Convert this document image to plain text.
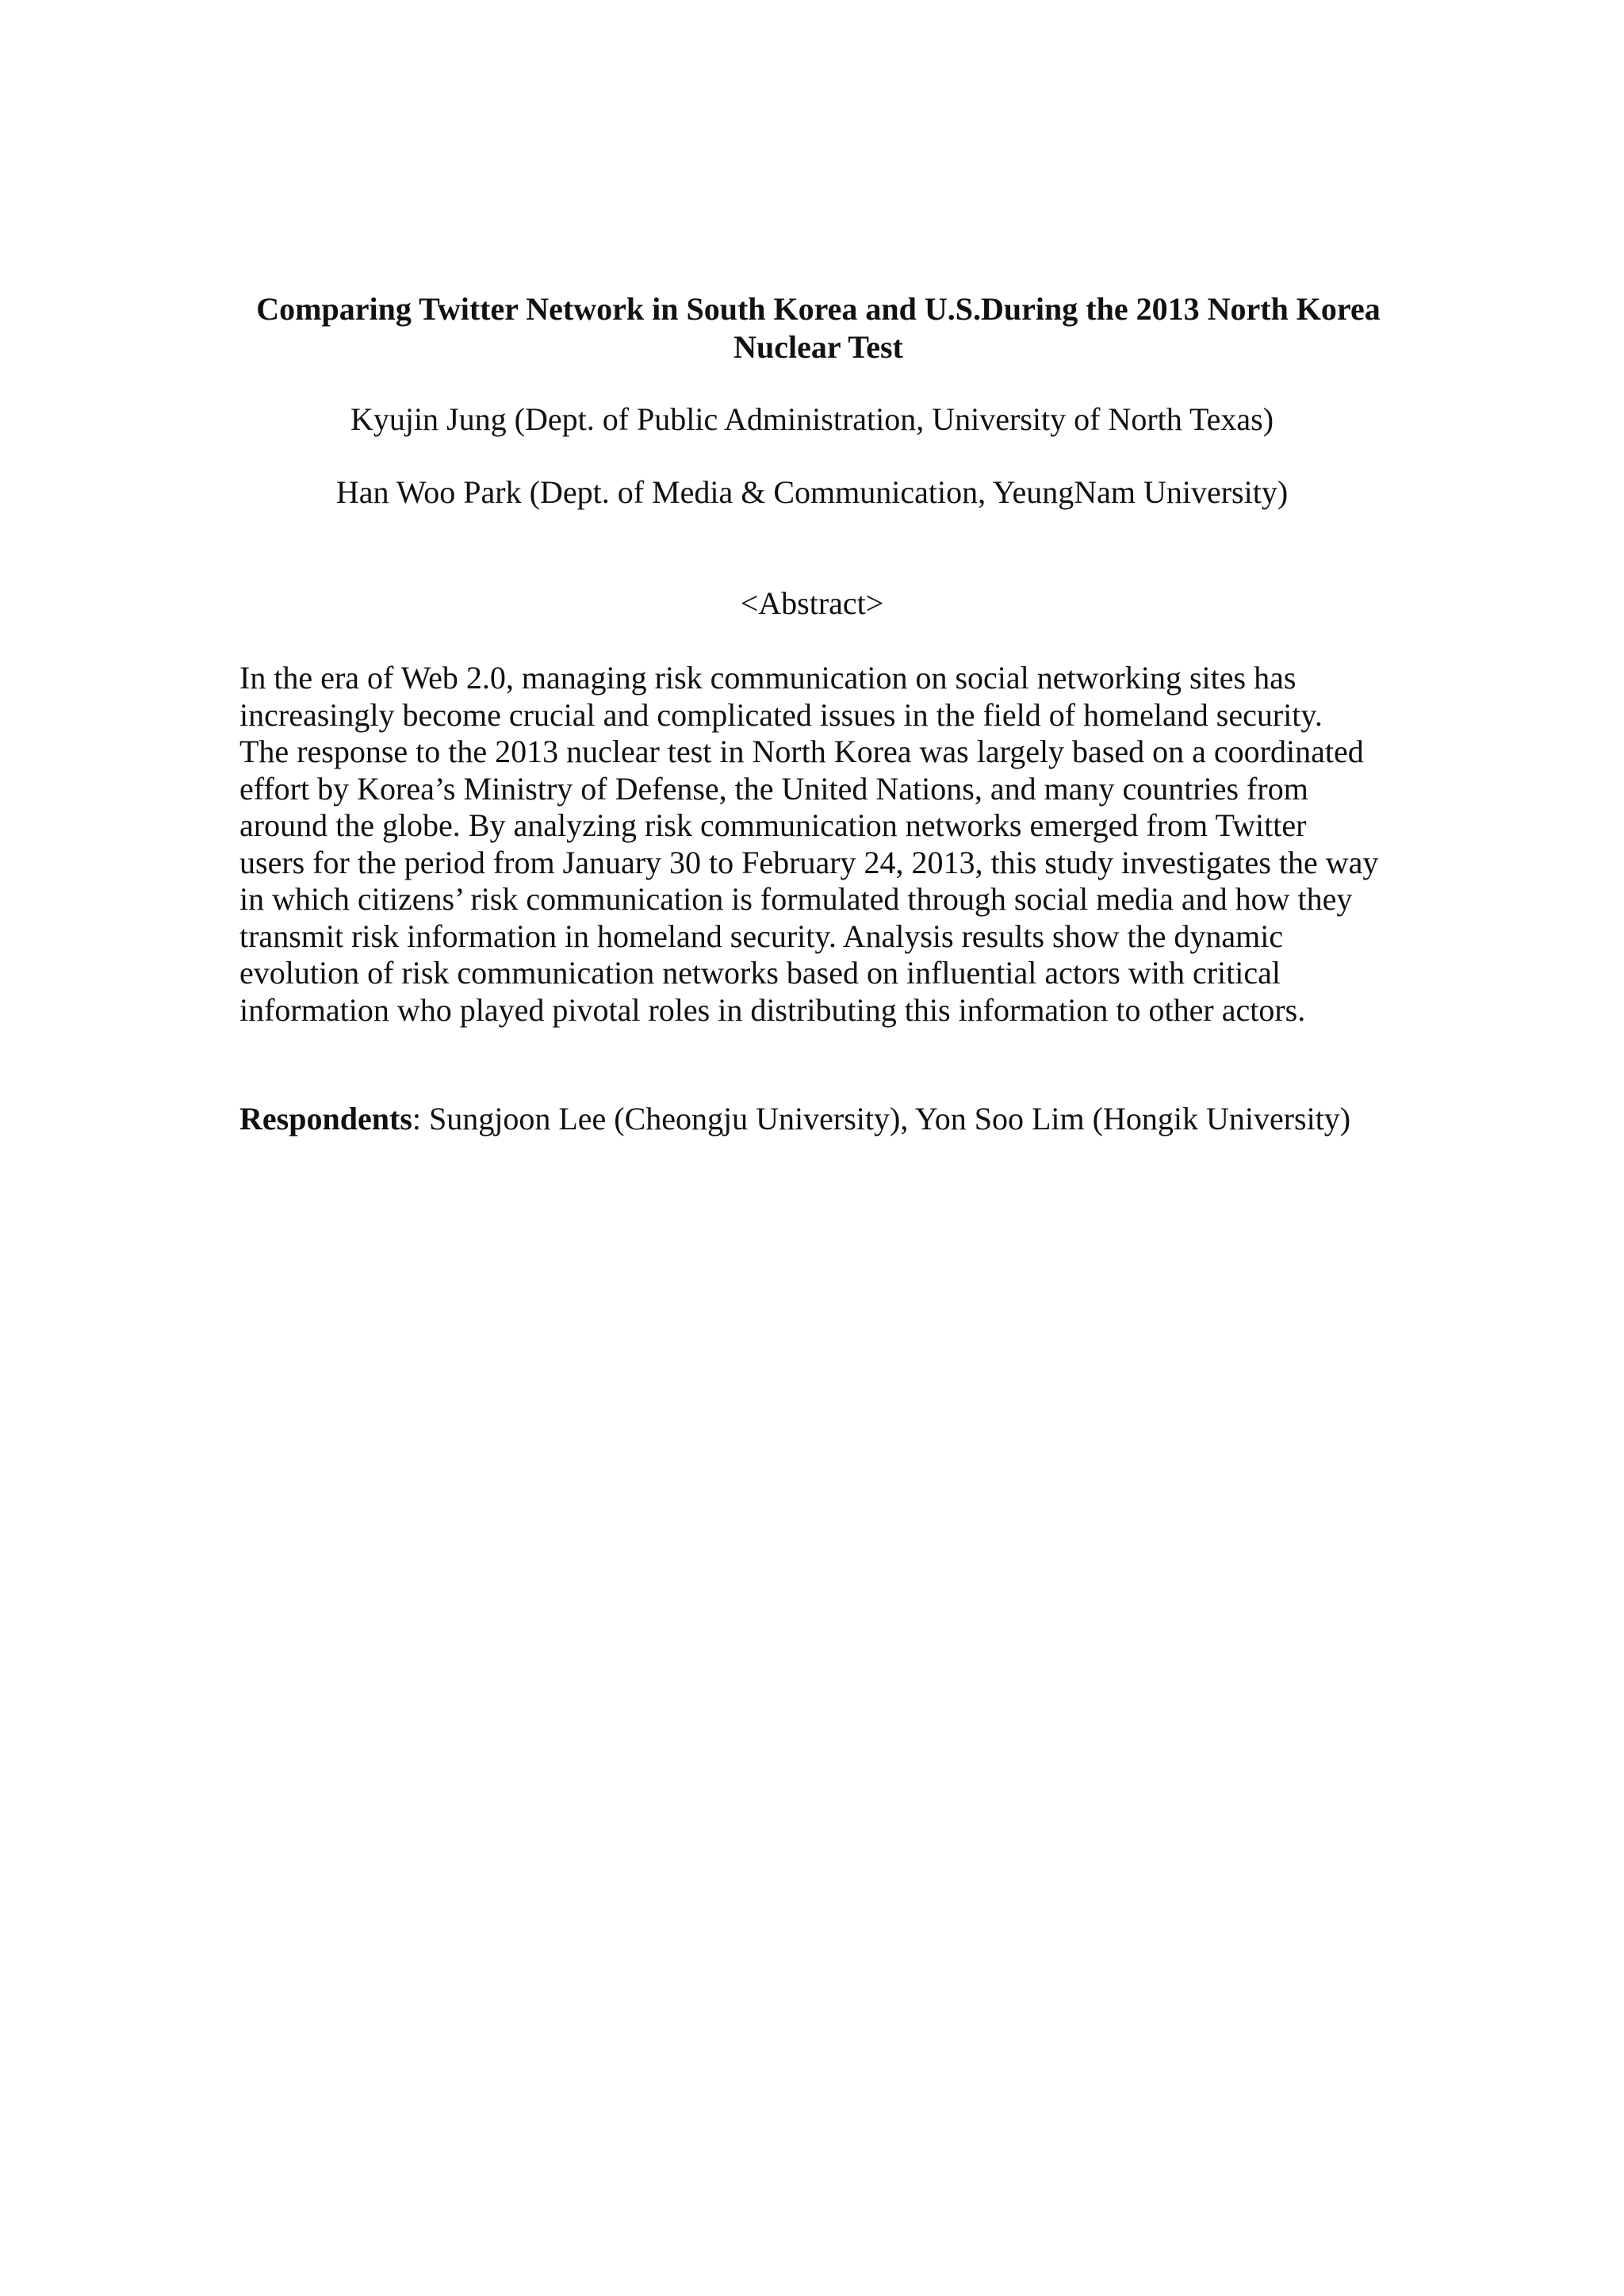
Comparing Twitter Network in South Korea and U.S.During the 2013 North Korea
Nuclear Test

Kyujin Jung (Dept. of Public Administration, University of North Texas)

Han Woo Park (Dept. of Media & Communication, YeungNam University)

<Abstract>

In the era of Web 2.0, managing risk communication on social networking sites has
increasingly become crucial and complicated issues in the field of homeland security.
The response to the 2013 nuclear test in North Korea was largely based on a coordinated
effort by Korea’s Ministry of Defense, the United Nations, and many countries from
around the globe. By analyzing risk communication networks emerged from Twitter
users for the period from January 30 to February 24, 2013, this study investigates the way
in which citizens’ risk communication is formulated through social media and how they
transmit risk information in homeland security. Analysis results show the dynamic
evolution of risk communication networks based on influential actors with critical
information who played pivotal roles in distributing this information to other actors.

Respondents: Sungjoon Lee (Cheongju University), Yon Soo Lim (Hongik University)
